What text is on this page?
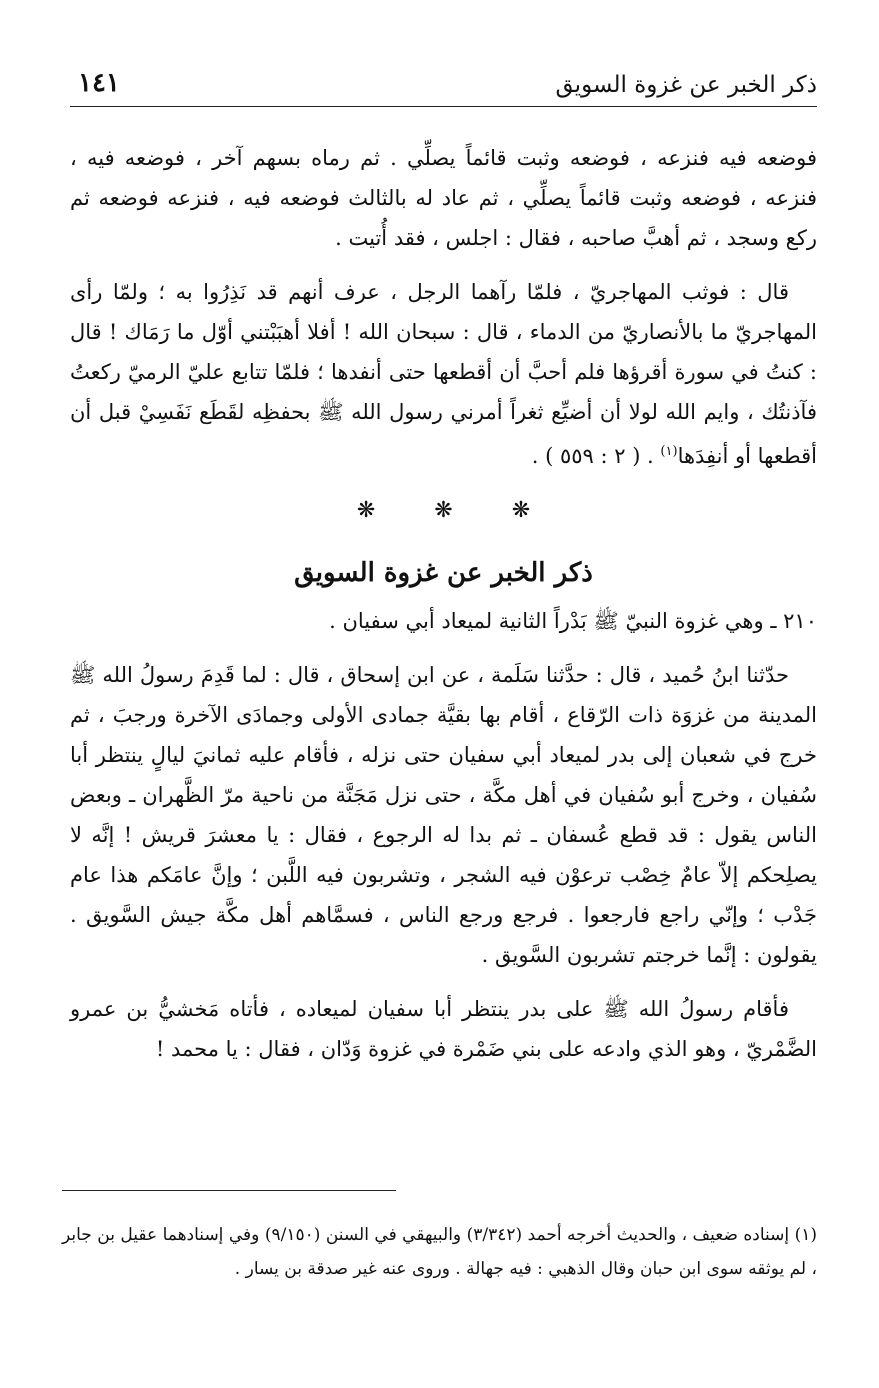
ذكر الخبر عن غزوة السويق
١٤١

فوضعه فيه فنزعه ، فوضعه وثبت قائماً يصلِّي . ثم رماه بسهم آخر ، فوضعه فيه ، فنزعه ، فوضعه وثبت قائماً يصلِّي ، ثم عاد له بالثالث فوضعه فيه ، فنزعه فوضعه ثم ركع وسجد ، ثم أهبَّ صاحبه ، فقال : اجلس ، فقد أُتيت .

قال : فوثب المهاجريّ ، فلمّا رآهما الرجل ، عرف أنهم قد نَذِرُوا به ؛ ولمّا رأى المهاجريّ ما بالأنصاريّ من الدماء ، قال : سبحان الله ! أفلا أهبَبْتني أوّل ما رَمَاك ! قال : كنتُ في سورة أقرؤها فلم أحبَّ أن أقطعها حتى أنفدها ؛ فلمّا تتابع عليّ الرميّ ركعتُ فآذنتُك ، وايم الله لولا أن أضيِّع ثغراً أمرني رسول الله ﷺ بحفظِه لقَطَع نَفَسِيْ قبل أن أقطعها أو أنفِدَها$^{(١)}$ . ( ٢ : ٥٥٩ ) .

❋ ❋ ❋
ذكر الخبر عن غزوة السويق

٢١٠ ـ وهي غزوة النبيّ ﷺ بَدْراً الثانية لميعاد أبي سفيان .

حدّثنا ابنُ حُميد ، قال : حدَّثنا سَلَمة ، عن ابن إسحاق ، قال : لما قَدِمَ رسولُ الله ﷺ المدينة من غزوَة ذات الرّقاع ، أقام بها بقيَّة جمادى الأولى وجمادَى الآخرة ورجبَ ، ثم خرج في شعبان إلى بدر لميعاد أبي سفيان حتى نزله ، فأقام عليه ثمانيَ ليالٍ ينتظر أبا سُفيان ، وخرج أبو سُفيان في أهل مكَّة ، حتى نزل مَجَنَّة من ناحية مرّ الظَّهران ـ وبعض الناس يقول : قد قطع عُسفان ـ ثم بدا له الرجوع ، فقال : يا معشرَ قريش ! إنَّه لا يصلِحكم إلاّ عامٌ خِصْب ترعوْن فيه الشجر ، وتشربون فيه اللَّبن ؛ وإنَّ عامَكم هذا عام جَدْب ؛ وإنّي راجع فارجعوا . فرجع ورجع الناس ، فسمَّاهم أهل مكَّة جيش السَّويق . يقولون : إنَّما خرجتم تشربون السَّويق .

فأقام رسولُ الله ﷺ على بدر ينتظر أبا سفيان لميعاده ، فأتاه مَخشيُّ بن عمرو الضَّمْريّ ، وهو الذي وادعه على بني ضَمْرة في غزوة وَدّان ، فقال : يا محمد !

(١) إسناده ضعيف ، والحديث أخرجه أحمد (٣/٣٤٢) والبيهقي في السنن (٩/١٥٠) وفي إسنادهما عقيل بن جابر ، لم يوثقه سوى ابن حبان وقال الذهبي : فيه جهالة . وروى عنه غير صدقة بن يسار .
